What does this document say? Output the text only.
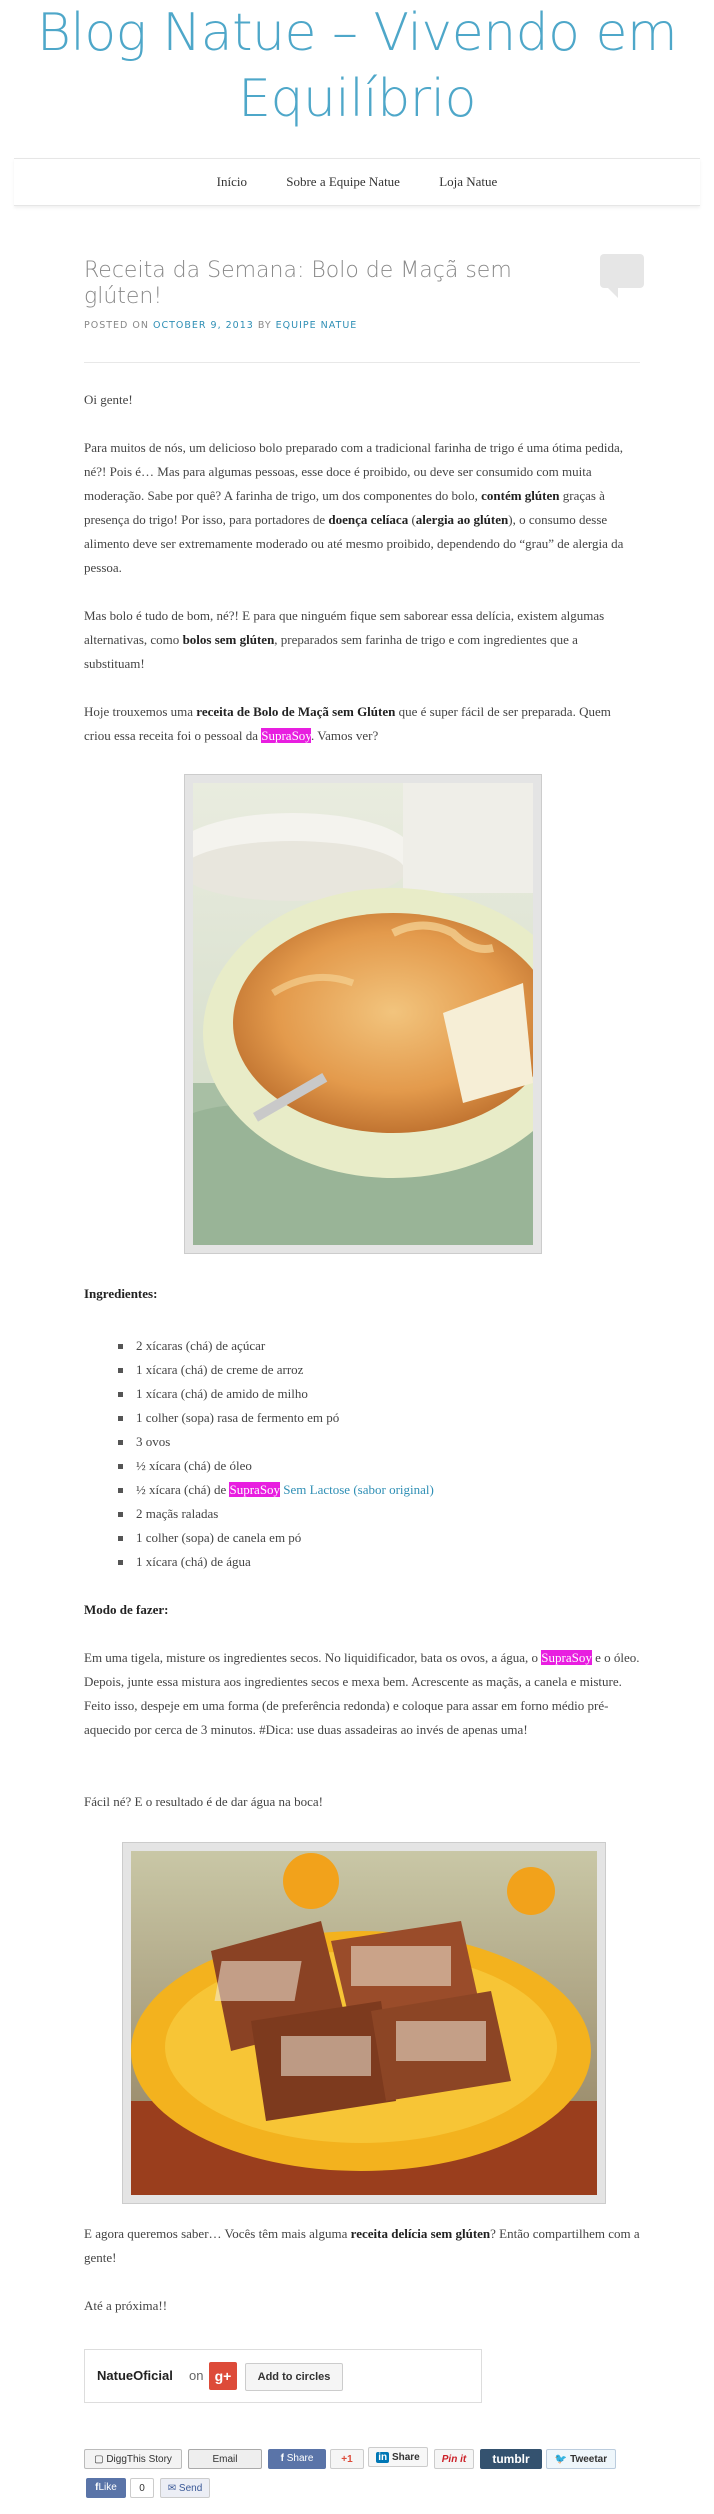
Blog Natue – Vivendo em
Equilíbrio
Início	Sobre a Equipe Natue	Loja Natue
Receita da Semana: Bolo de Maçã sem glúten!
POSTED ON OCTOBER 9, 2013 BY EQUIPE NATUE

Oi gente!

Para muitos de nós, um delicioso bolo preparado com a tradicional farinha de trigo é uma ótima pedida, né?! Pois é… Mas para algumas pessoas, esse doce é proibido, ou deve ser consumido com muita moderação. Sabe por quê? A farinha de trigo, um dos componentes do bolo, contém glúten graças à presença do trigo! Por isso, para portadores de doença celíaca (alergia ao glúten), o consumo desse alimento deve ser extremamente moderado ou até mesmo proibido, dependendo do “grau” de alergia da pessoa.

Mas bolo é tudo de bom, né?! E para que ninguém fique sem saborear essa delícia, existem algumas alternativas, como bolos sem glúten, preparados sem farinha de trigo e com ingredientes que a substituam!

Hoje trouxemos uma receita de Bolo de Maçã sem Glúten que é super fácil de ser preparada. Quem criou essa receita foi o pessoal da SupraSoy. Vamos ver?

Ingredientes:

2 xícaras (chá) de açúcar
1 xícara (chá) de creme de arroz
1 xícara (chá) de amido de milho
1 colher (sopa) rasa de fermento em pó
3 ovos
½ xícara (chá) de óleo
½ xícara (chá) de SupraSoy Sem Lactose (sabor original)
2 maçãs raladas
1 colher (sopa) de canela em pó
1 xícara (chá) de água

Modo de fazer:

Em uma tigela, misture os ingredientes secos. No liquidificador, bata os ovos, a água, o SupraSoy e o óleo. Depois, junte essa mistura aos ingredientes secos e mexa bem. Acrescente as maçãs, a canela e misture. Feito isso, despeje em uma forma (de preferência redonda) e coloque para assar em forno médio pré-aquecido por cerca de 3 minutos. #Dica: use duas assadeiras ao invés de apenas uma!

Fácil né? E o resultado é de dar água na boca!

E agora queremos saber… Vocês têm mais alguma receita delícia sem glúten? Então compartilhem com a gente!

Até a próxima!!

NatueOficial on g+	Add to circles
▢ DiggThis Story	Email	f Share	+1	in Share	Pin it	tumblr	🐦 Tweetar
fLike	0	✉ Send
